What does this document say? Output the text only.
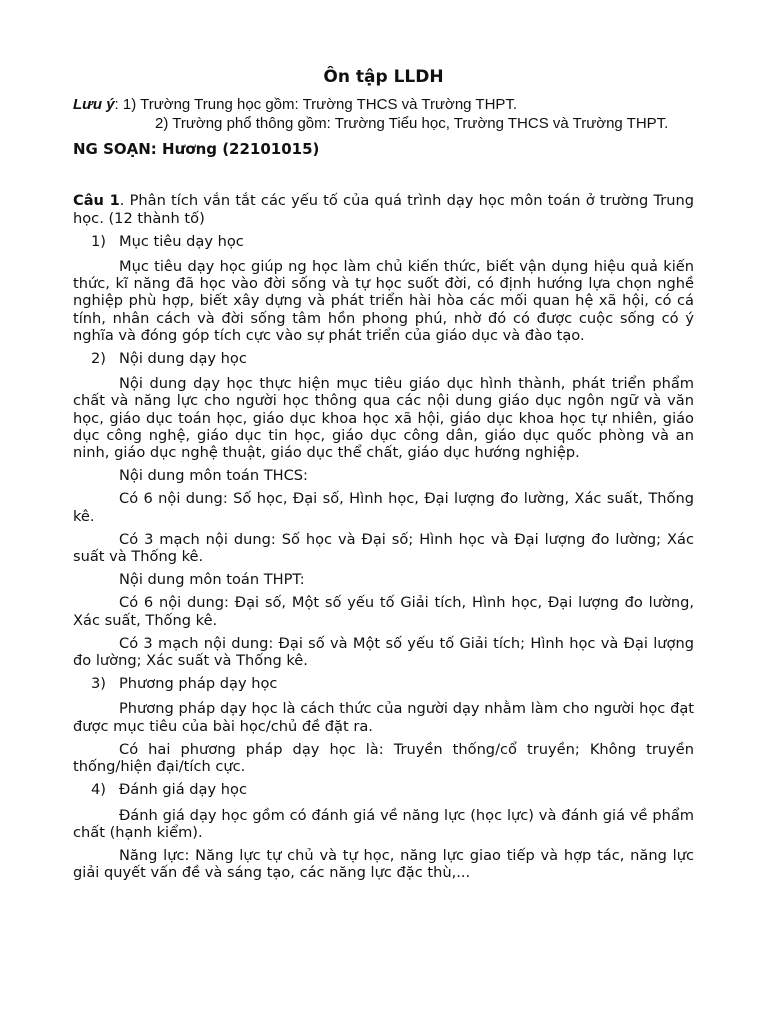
Ôn tập LLDH

Lưu ý: 1) Trường Trung học gồm: Trường THCS và Trường THPT.

2) Trường phổ thông gồm: Trường Tiểu học, Trường THCS và Trường THPT.

NG SOẠN: Hương (22101015)

Câu 1. Phân tích vắn tắt các yếu tố của quá trình dạy học môn toán ở trường Trung học. (12 thành tố)

1) Mục tiêu dạy học

Mục tiêu dạy học giúp ng học làm chủ kiến thức, biết vận dụng hiệu quả kiến thức, kĩ năng đã học vào đời sống và tự học suốt đời, có định hướng lựa chọn nghề nghiệp phù hợp, biết xây dựng và phát triển hài hòa các mối quan hệ xã hội, có cá tính, nhân cách và đời sống tâm hồn phong phú, nhờ đó có được cuộc sống có ý nghĩa và đóng góp tích cực vào sự phát triển của giáo dục và đào tạo.

2) Nội dung dạy học

Nội dung dạy học thực hiện mục tiêu giáo dục hình thành, phát triển phẩm chất và năng lực cho người học thông qua các nội dung giáo dục ngôn ngữ và văn học, giáo dục toán học, giáo dục khoa học xã hội, giáo dục khoa học tự nhiên, giáo dục công nghệ, giáo dục tin học, giáo dục công dân, giáo dục quốc phòng và an ninh, giáo dục nghệ thuật, giáo dục thể chất, giáo dục hướng nghiệp.

Nội dung môn toán THCS:

Có 6 nội dung: Số học, Đại số, Hình học, Đại lượng đo lường, Xác suất, Thống kê.

Có 3 mạch nội dung: Số học và Đại số; Hình học và Đại lượng đo lường; Xác suất và Thống kê.

Nội dung môn toán THPT:

Có 6 nội dung: Đại số, Một số yếu tố Giải tích, Hình học, Đại lượng đo lường, Xác suất, Thống kê.

Có 3 mạch nội dung: Đại số và Một số yếu tố Giải tích; Hình học và Đại lượng đo lường; Xác suất và Thống kê.

3) Phương pháp dạy học

Phương pháp dạy học là cách thức của người dạy nhằm làm cho người học đạt được mục tiêu của bài học/chủ đề đặt ra.

Có hai phương pháp dạy học là: Truyền thống/cổ truyền; Không truyền thống/hiện đại/tích cực.

4) Đánh giá dạy học

Đánh giá dạy học gồm có đánh giá về năng lực (học lực) và đánh giá về phẩm chất (hạnh kiểm).

Năng lực: Năng lực tự chủ và tự học, năng lực giao tiếp và hợp tác, năng lực giải quyết vấn đề và sáng tạo, các năng lực đặc thù,...
